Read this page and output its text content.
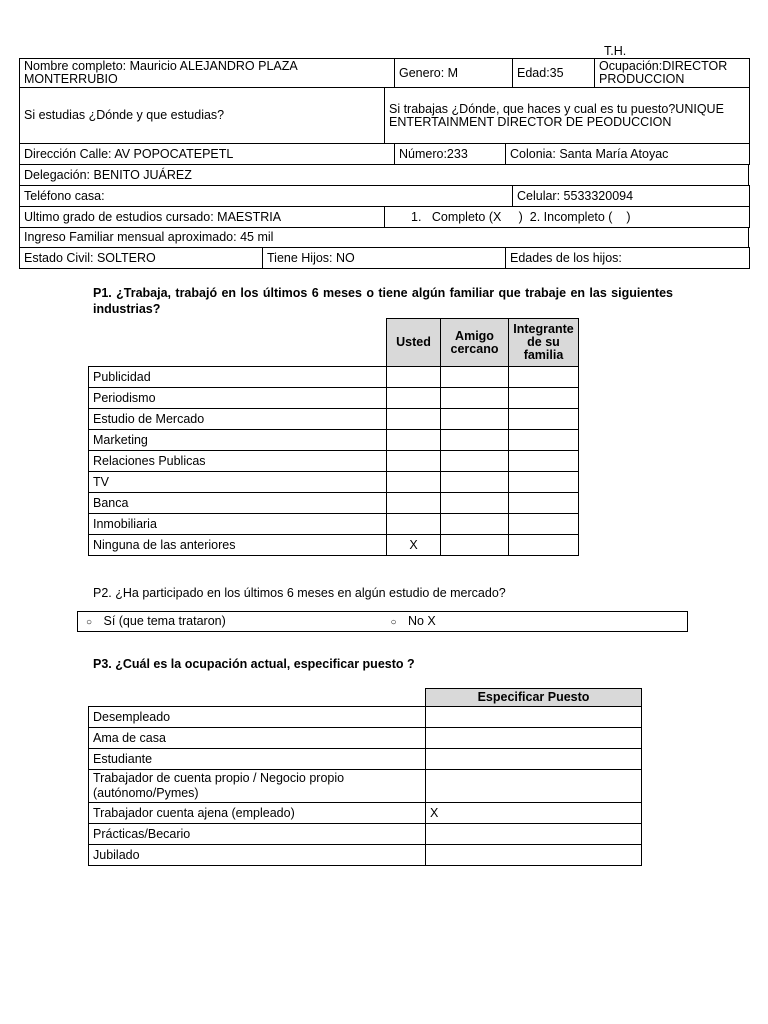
T.H.
Nombre completo: Mauricio ALEJANDRO PLAZA MONTERRUBIO	Genero: M	Edad:35	Ocupación:DIRECTOR PRODUCCION
Si estudias ¿Dónde y que estudias?	Si trabajas ¿Dónde, que haces y cual es tu puesto?UNIQUE ENTERTAINMENT DIRECTOR DE PEODUCCION
Dirección Calle: AV POPOCATEPETL	Número:233	Colonia: Santa María Atoyac
Delegación: BENITO JUÁREZ
Teléfono casa:	Celular: 5533320094
Ultimo grado de estudios cursado: MAESTRIA	1.   Completo (X     )  2. Incompleto (    )
Ingreso Familiar mensual aproximado: 45 mil
Estado Civil: SOLTERO	Tiene Hijos: NO	Edades de los hijos:
P1. ¿Trabaja, trabajó en los últimos 6 meses o tiene algún familiar que trabaje en las siguientes industrias?
	Usted	Amigo cercano	Integrante de su familia
Publicidad			
Periodismo			
Estudio de Mercado			
Marketing			
Relaciones Publicas			
TV			
Banca			
Inmobiliaria			
Ninguna de las anteriores	X		
P2. ¿Ha participado en los últimos 6 meses en algún estudio de mercado?
○ Sí (que tema trataron)	○ No X
P3. ¿Cuál es la ocupación actual, especificar puesto ?
	Especificar Puesto
Desempleado	
Ama de casa	
Estudiante	
Trabajador de cuenta propio / Negocio propio (autónomo/Pymes)	
Trabajador cuenta ajena (empleado)	X
Prácticas/Becario	
Jubilado	
